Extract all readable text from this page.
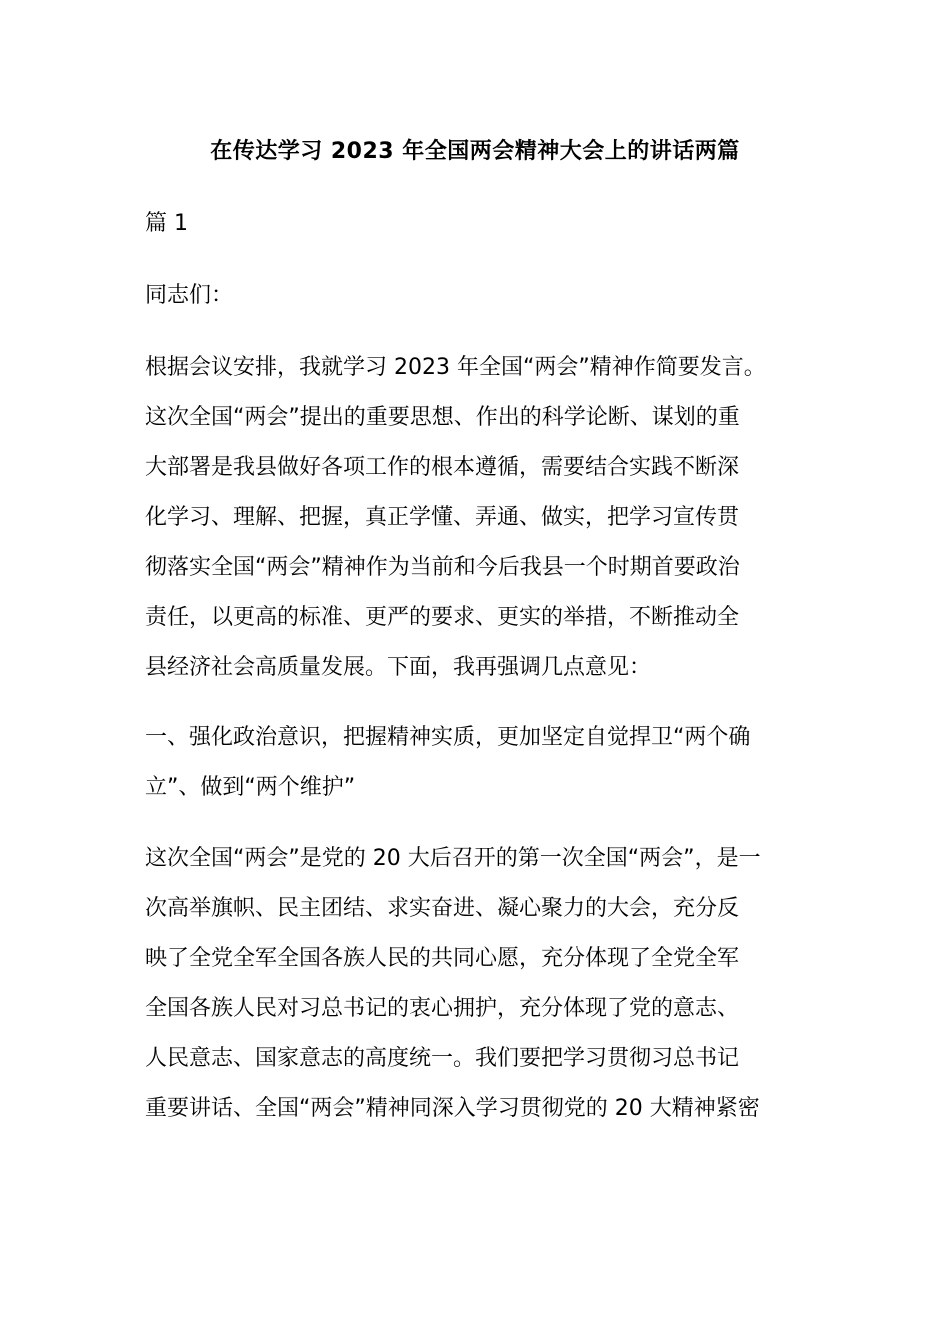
在传达学习 2023 年全国两会精神大会上的讲话两篇
篇 1
同志们：
根据会议安排，我就学习 2023 年全国“两会”精神作简要发言。
这次全国“两会”提出的重要思想、作出的科学论断、谋划的重
大部署是我县做好各项工作的根本遵循，需要结合实践不断深
化学习、理解、把握，真正学懂、弄通、做实，把学习宣传贯
彻落实全国“两会”精神作为当前和今后我县一个时期首要政治
责任，以更高的标准、更严的要求、更实的举措，不断推动全
县经济社会高质量发展。下面，我再强调几点意见：
一、强化政治意识，把握精神实质，更加坚定自觉捍卫“两个确
立”、做到“两个维护”
这次全国“两会”是党的 20 大后召开的第一次全国“两会”，是一
次高举旗帜、民主团结、求实奋进、凝心聚力的大会，充分反
映了全党全军全国各族人民的共同心愿，充分体现了全党全军
全国各族人民对习总书记的衷心拥护，充分体现了党的意志、
人民意志、国家意志的高度统一。我们要把学习贯彻习总书记
重要讲话、全国“两会”精神同深入学习贯彻党的 20 大精神紧密
